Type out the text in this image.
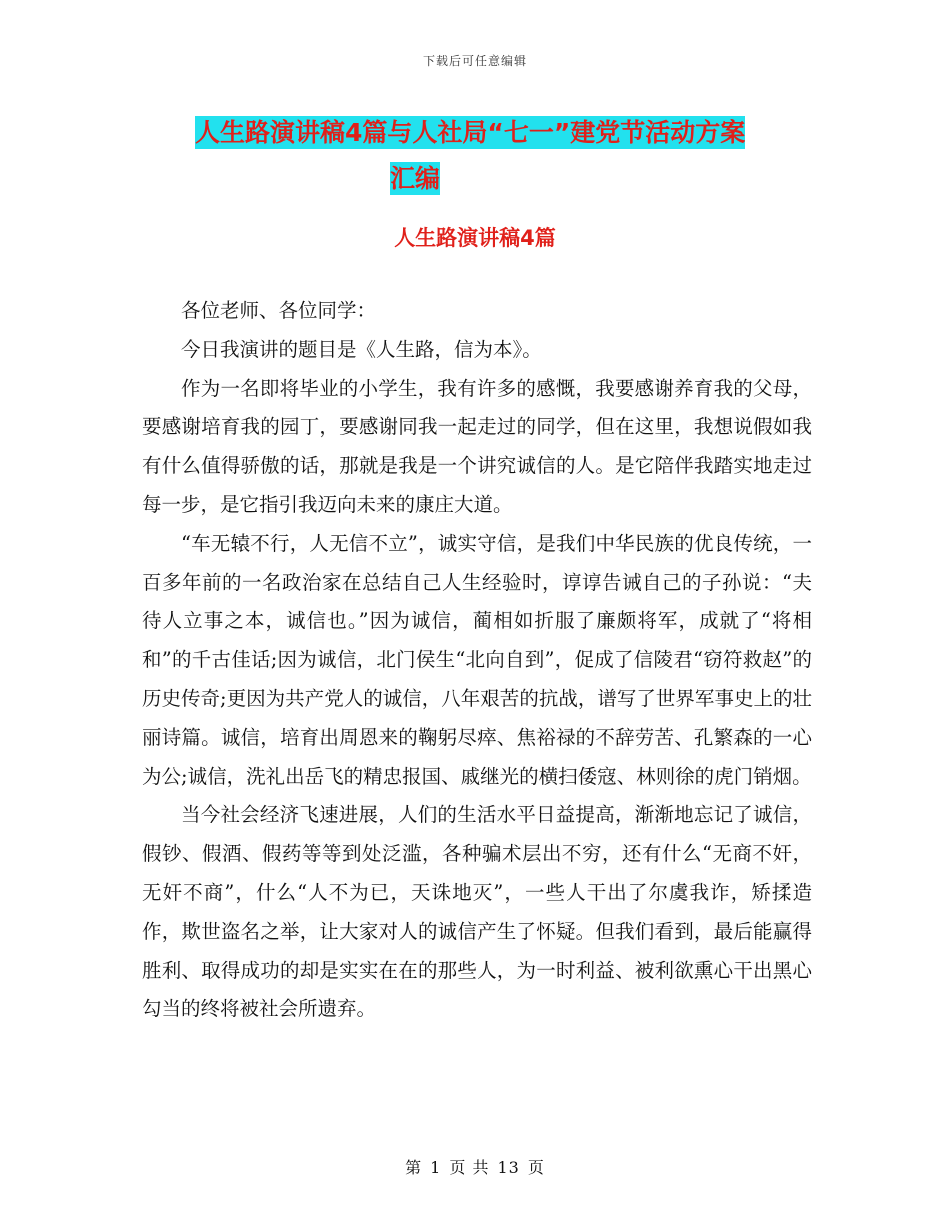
下载后可任意编辑
人生路演讲稿4篇与人社局“七一”建党节活动方案
汇编
人生路演讲稿4篇

各位老师、各位同学：

今日我演讲的题目是《人生路，信为本》。

作为一名即将毕业的小学生，我有许多的感慨，我要感谢养育我的父母，要感谢培育我的园丁，要感谢同我一起走过的同学，但在这里，我想说假如我有什么值得骄傲的话，那就是我是一个讲究诚信的人。是它陪伴我踏实地走过每一步，是它指引我迈向未来的康庄大道。

“车无辕不行，人无信不立”，诚实守信，是我们中华民族的优良传统，一百多年前的一名政治家在总结自己人生经验时，谆谆告诫自己的子孙说：“夫待人立事之本，诚信也。”因为诚信，蔺相如折服了廉颇将军，成就了“将相和”的千古佳话;因为诚信，北门侯生“北向自到”，促成了信陵君“窃符救赵”的历史传奇;更因为共产党人的诚信，八年艰苦的抗战，谱写了世界军事史上的壮丽诗篇。诚信，培育出周恩来的鞠躬尽瘁、焦裕禄的不辞劳苦、孔繁森的一心为公;诚信，洗礼出岳飞的精忠报国、戚继光的横扫倭寇、林则徐的虎门销烟。

当今社会经济飞速进展，人们的生活水平日益提高，渐渐地忘记了诚信，假钞、假酒、假药等等到处泛滥，各种骗术层出不穷，还有什么“无商不奸，无奸不商”，什么“人不为已，天诛地灭”，一些人干出了尔虞我诈，矫揉造作，欺世盗名之举，让大家对人的诚信产生了怀疑。但我们看到，最后能赢得胜利、取得成功的却是实实在在的那些人，为一时利益、被利欲熏心干出黑心勾当的终将被社会所遗弃。

第 1 页 共 13 页
